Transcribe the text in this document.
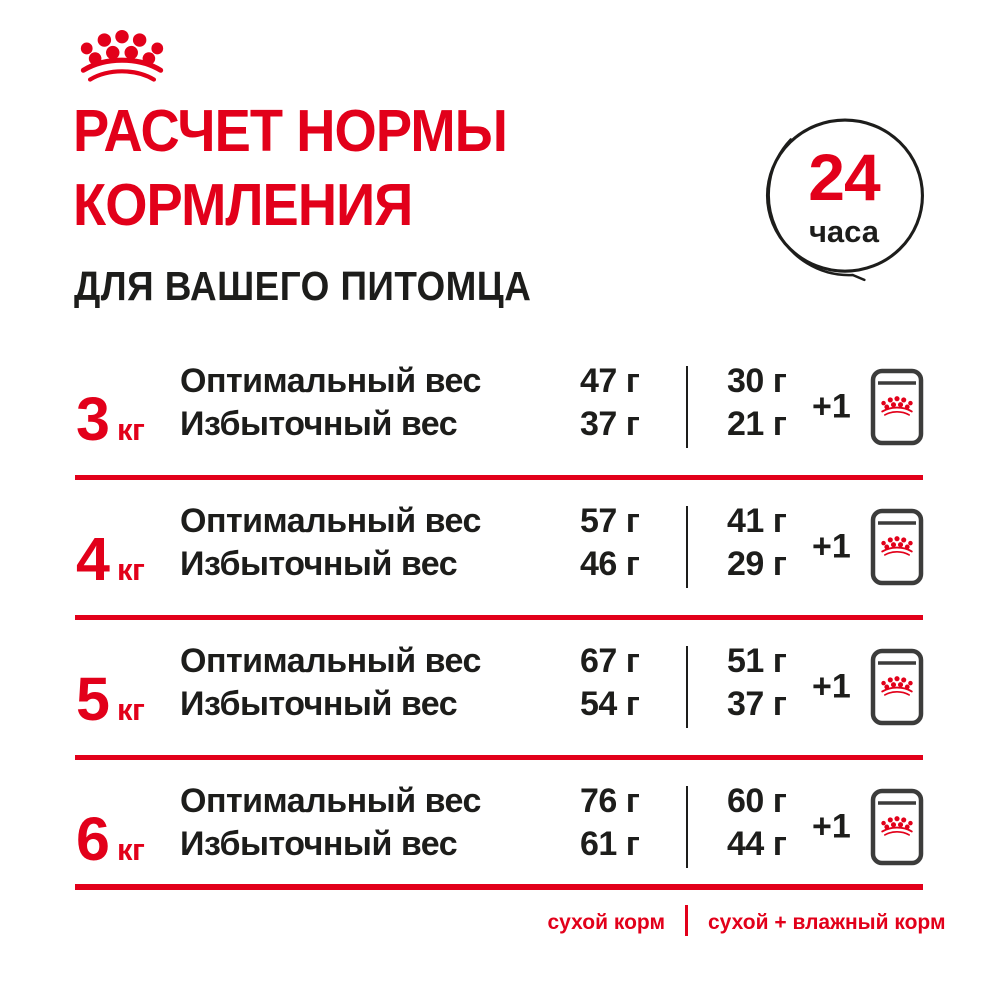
РАСЧЕТ НОРМЫ
КОРМЛЕНИЯ
ДЛЯ ВАШЕГО ПИТОМЦА
24
часа
3 кг
Оптимальный вес
Избыточный вес
47 г
37 г
30 г
21 г +1
4 кг
Оптимальный вес
Избыточный вес
57 г
46 г
41 г
29 г +1
5 кг
Оптимальный вес
Избыточный вес
67 г
54 г
51 г
37 г +1
6 кг
Оптимальный вес
Избыточный вес
76 г
61 г
60 г
44 г +1
сухой корм сухой + влажный корм
